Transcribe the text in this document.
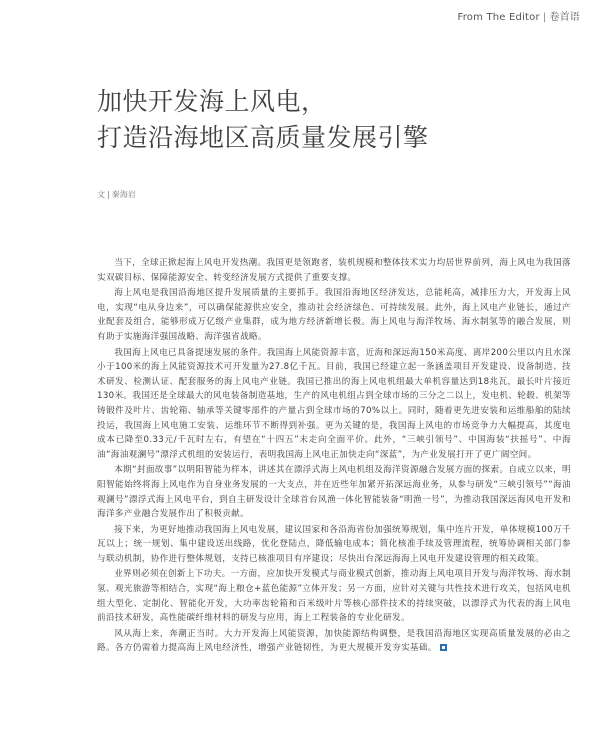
From The Editor | 卷首语
加快开发海上风电，
打造沿海地区高质量发展引擎
文 | 秦海岩

当下，全球正掀起海上风电开发热潮。我国更是领跑者，装机规模和整体技术实力均居世界前列，海上风电为我国落实双碳目标、保障能源安全、转变经济发展方式提供了重要支撑。

海上风电是我国沿海地区提升发展质量的主要抓手。我国沿海地区经济发达，总能耗高，减排压力大，开发海上风电，实现“电从身边来”，可以确保能源供应安全，推动社会经济绿色、可持续发展。此外，海上风电产业链长，通过产业配套及组合，能够形成万亿级产业集群，成为地方经济新增长极。海上风电与海洋牧场、海水制氢等的融合发展，则有助于实施海洋强国战略、海洋强省战略。

我国海上风电已具备提速发展的条件。我国海上风能资源丰富，近海和深远海150米高度、离岸200公里以内且水深小于100米的海上风能资源技术可开发量为27.8亿千瓦。目前，我国已经建立起一条涵盖项目开发建设、设备制造、技术研发、检测认证、配套服务的海上风电产业链。我国已推出的海上风电机组最大单机容量达到18兆瓦，最长叶片接近130米。我国还是全球最大的风电装备制造基地，生产的风电机组占到全球市场的三分之二以上，发电机、轮毂、机架等铸锻件及叶片、齿轮箱、轴承等关键零部件的产量占到全球市场的70%以上。同时，随着更先进安装和运维船舶的陆续投运，我国海上风电施工安装、运维环节不断得到补强。更为关键的是，我国海上风电的市场竞争力大幅提高，其度电成本已降至0.33元/千瓦时左右，有望在“十四五”末走向全面平价。此外，“三峡引领号”、中国海装“扶摇号”、中海油“海油观澜号”漂浮式机组的安装运行，表明我国海上风电正加快走向“深蓝”，为产业发展打开了更广阔空间。

本期“封面故事”以明阳智能为样本，讲述其在漂浮式海上风电机组及海洋资源融合发展方面的探索。自成立以来，明阳智能始终将海上风电作为自身业务发展的一大支点，并在近些年加紧开拓深远海业务，从参与研发“三峡引领号”“海油观澜号”漂浮式海上风电平台，到自主研发设计全球首台风渔一体化智能装备“明渔一号”，为推动我国深远海风电开发和海洋多产业融合发展作出了积极贡献。

接下来，为更好地推动我国海上风电发展，建议国家和各沿海省份加强统筹规划，集中连片开发，单体规模100万千瓦以上；统一规划、集中建设送出线路，优化登陆点，降低输电成本；简化核准手续及管理流程，统筹协调相关部门参与联动机制，协作进行整体规划，支持已核准项目有序建设；尽快出台深远海海上风电开发建设管理的相关政策。

业界则必须在创新上下功夫。一方面，应加快开发模式与商业模式创新，推动海上风电项目开发与海洋牧场、海水制氢、观光旅游等相结合，实现“海上粮仓+蓝色能源”立体开发；另一方面，应针对关键与共性技术进行攻关，包括风电机组大型化、定制化、智能化开发，大功率齿轮箱和百米级叶片等核心部件技术的持续突破，以漂浮式为代表的海上风电前沿技术研发，高性能碳纤维材料的研发与应用，海上工程装备的专业化研发。

风从海上来，奔潮正当时。大力开发海上风能资源，加快能源结构调整，是我国沿海地区实现高质量发展的必由之路。各方仍需着力提高海上风电经济性，增强产业链韧性，为更大规模开发夯实基础。
